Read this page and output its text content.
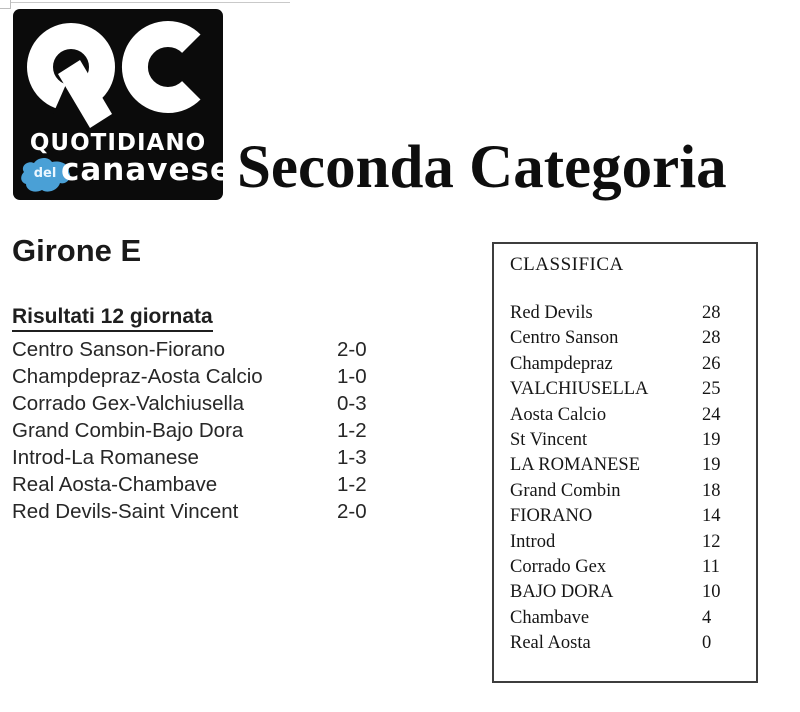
QUOTIDIANO
del canavese Seconda Categoria
Girone E
Risultati 12 giornata
Centro Sanson-Fiorano	2-0
Champdepraz-Aosta Calcio	1-0
Corrado Gex-Valchiusella	0-3
Grand Combin-Bajo Dora	1-2
Introd-La Romanese	1-3
Real Aosta-Chambave	1-2
Red Devils-Saint Vincent	2-0
CLASSIFICA
Red Devils	28
Centro Sanson	28
Champdepraz	26
VALCHIUSELLA	25
Aosta Calcio	24
St Vincent	19
LA ROMANESE	19
Grand Combin	18
FIORANO	14
Introd	12
Corrado Gex	11
BAJO DORA	10
Chambave	4
Real Aosta	0
